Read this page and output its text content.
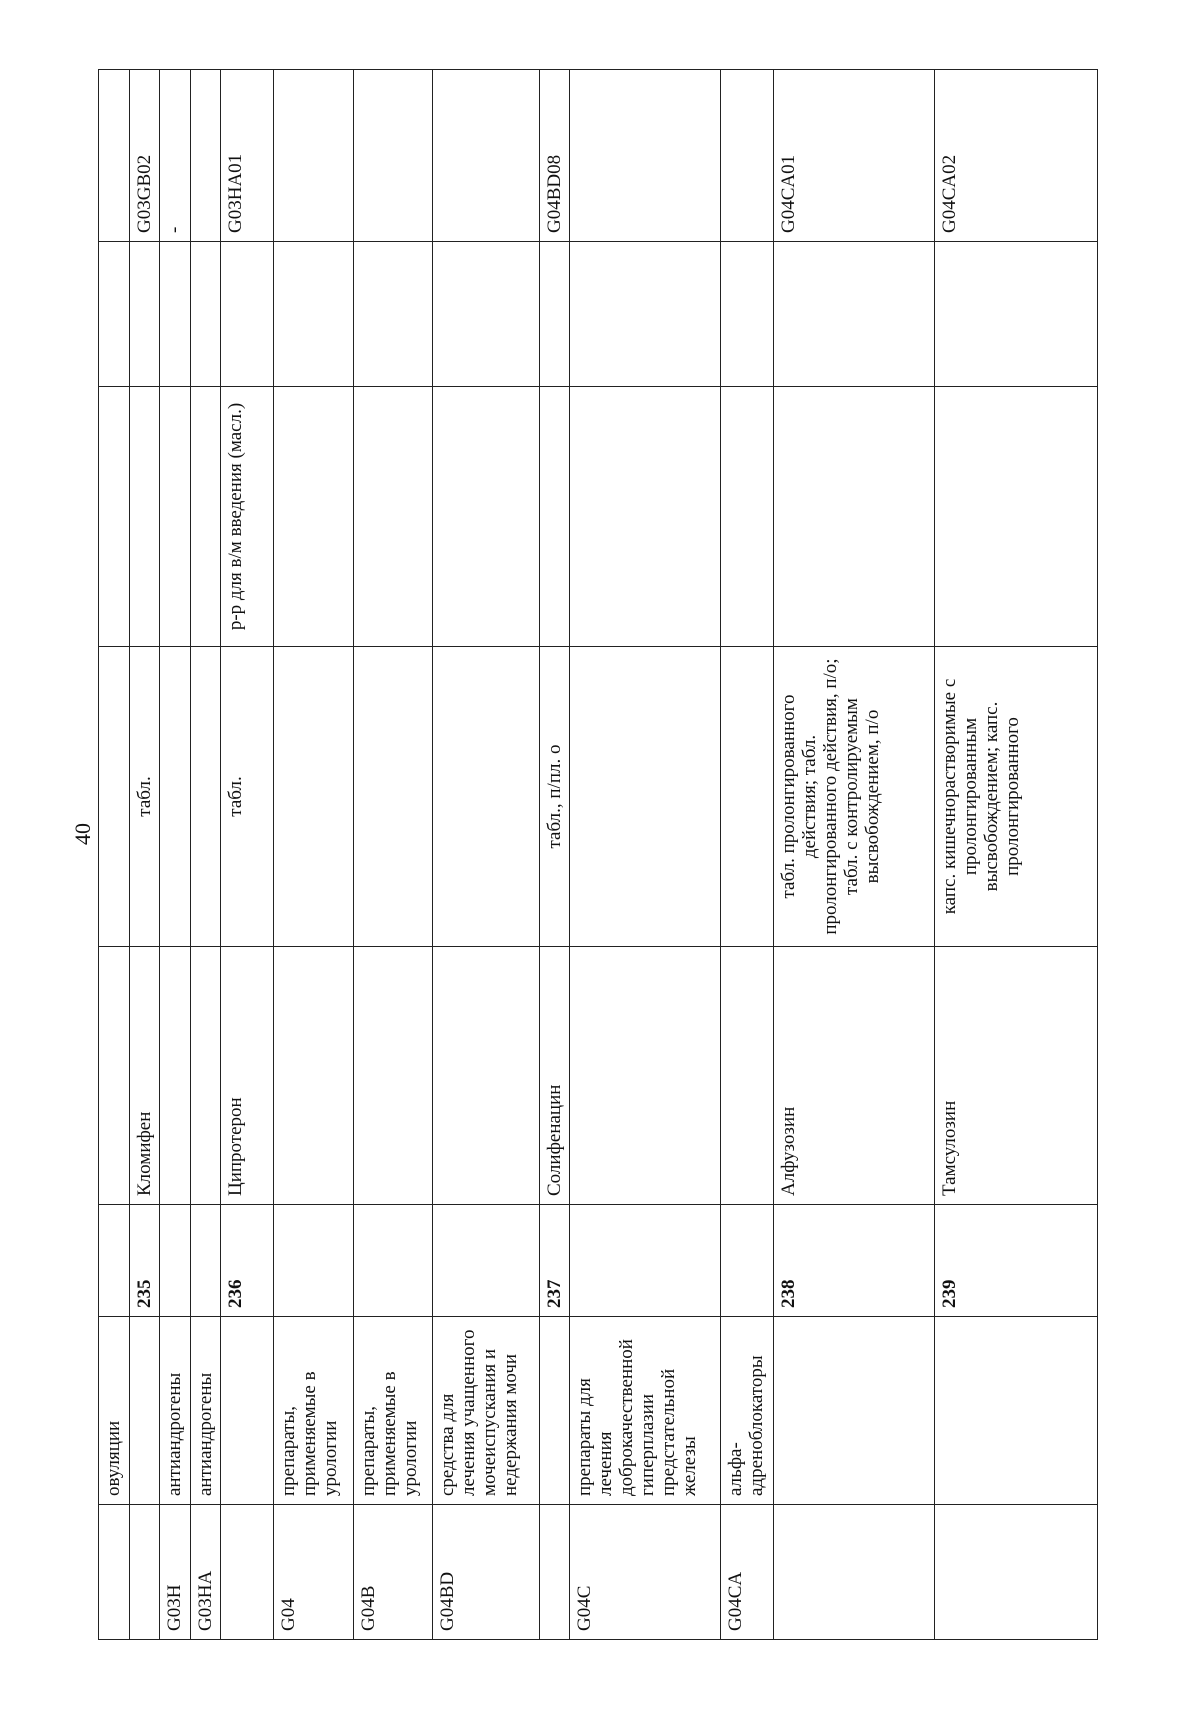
40
	овуляции						
		235	Кломифен	табл.			G03GB02
G03H	антиандрогены						-
G03HA	антиандрогены						
		236	Ципротерон	табл.	р-р для в/м введения (масл.)		G03HA01
G04	препараты, применяемые в урологии						
G04B	препараты, применяемые в урологии						
G04BD	средства для лечения учащенного мочеиспускания и недержания мочи						
		237	Солифенацин	табл., п/пл. о			G04BD08
G04C	препараты для лечения доброкачественной гиперплазии предстательной железы						
G04CA	альфа-адреноблокаторы						
		238	Алфузозин	табл. пролонгированного действия; табл. пролонгированного действия, п/о; табл. с контролируемым высвобождением, п/о			G04CA01
		239	Тамсулозин	капс. кишечнорастворимые с пролонгированным высвобождением; капс. пролонгированного			G04CA02
